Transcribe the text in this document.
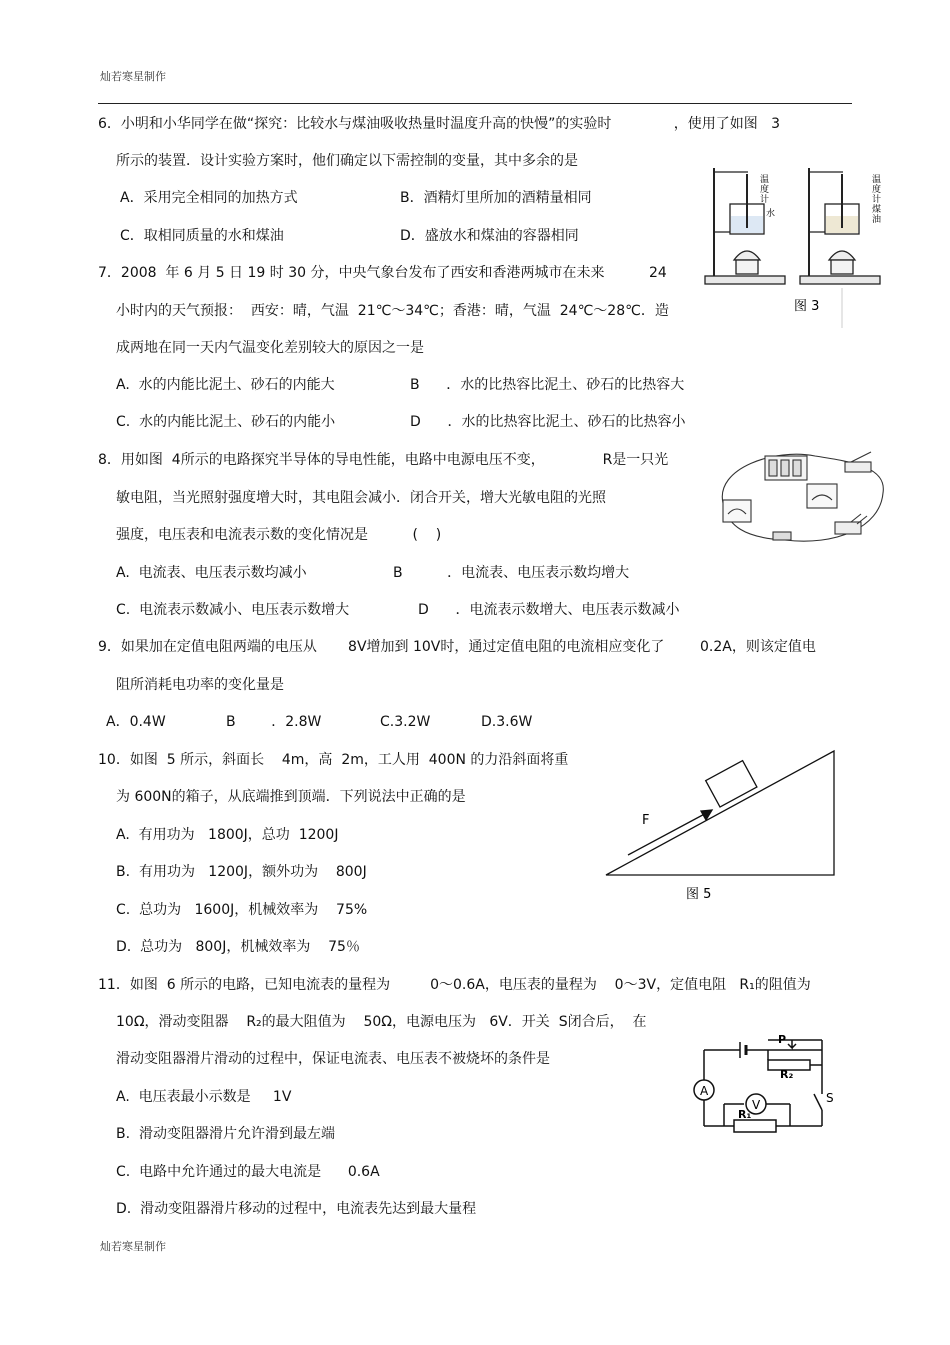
灿若寒星制作
6．小明和小华同学在做“探究：比较水与煤油吸收热量时温度升高的快慢”的实验时              ，使用了如图   3
所示的装置．设计实验方案时，他们确定以下需控制的变量，其中多余的是
A．采用完全相同的加热方式	B．酒精灯里所加的酒精量相同
C．取相同质量的水和煤油	D．盛放水和煤油的容器相同
7．2008  年 6 月 5 日 19 时 30 分，中央气象台发布了西安和香港两城市在未来          24
小时内的天气预报：  西安：晴，气温  21℃～34℃；香港：晴，气温  24℃～28℃．造
成两地在同一天内气温变化差别较大的原因之一是
A.  水的内能比泥土、砂石的内能大	B      ．水的比热容比泥土、砂石的比热容大
C.  水的内能比泥土、砂石的内能小	D      ．水的比热容比泥土、砂石的比热容小
8．用如图  4所示的电路探究半导体的导电性能，电路中电源电压不变，             R是一只光
敏电阻，当光照射强度增大时，其电阻会减小．闭合开关，增大光敏电阻的光照
强度，电压表和电流表示数的变化情况是          (    )
A.  电流表、电压表示数均减小	B          ．电流表、电压表示数均增大
C.  电流表示数减小、电压表示数增大	D      ．电流表示数增大、电压表示数减小
9．如果加在定值电阻两端的电压从       8V增加到 10V时，通过定值电阻的电流相应变化了        0.2A，则该定值电
阻所消耗电功率的变化量是
A．0.4W	B        ．2.8W	C.3.2W	D.3.6W
10．如图  5 所示，斜面长    4m，高  2m，工人用  400N 的力沿斜面将重
为 600N的箱子，从底端推到顶端．下列说法中正确的是
A.  有用功为   1800J，总功  1200J
B.  有用功为   1200J，额外功为    800J
C.  总功为   1600J，机械效率为    75%
D.  总功为   800J，机械效率为    75％
11．如图  6 所示的电路，已知电流表的量程为         0～0.6A，电压表的量程为    0～3V，定值电阻   R₁的阻值为
10Ω，滑动变阻器    R₂的最大阻值为    50Ω，电源电压为   6V．开关  S闭合后，  在
滑动变阻器滑片滑动的过程中，保证电流表、电压表不被烧坏的条件是
A.  电压表最小示数是     1V
B.  滑动变阻器滑片允许滑到最左端
C.  电路中允许通过的最大电流是      0.6A
D.  滑动变阻器滑片移动的过程中，电流表先达到最大量程
灿若寒星制作
温
度
计
水
温
度
计
煤
油
图 3
F
图 5
A
V
P
R₂
R₁
S
